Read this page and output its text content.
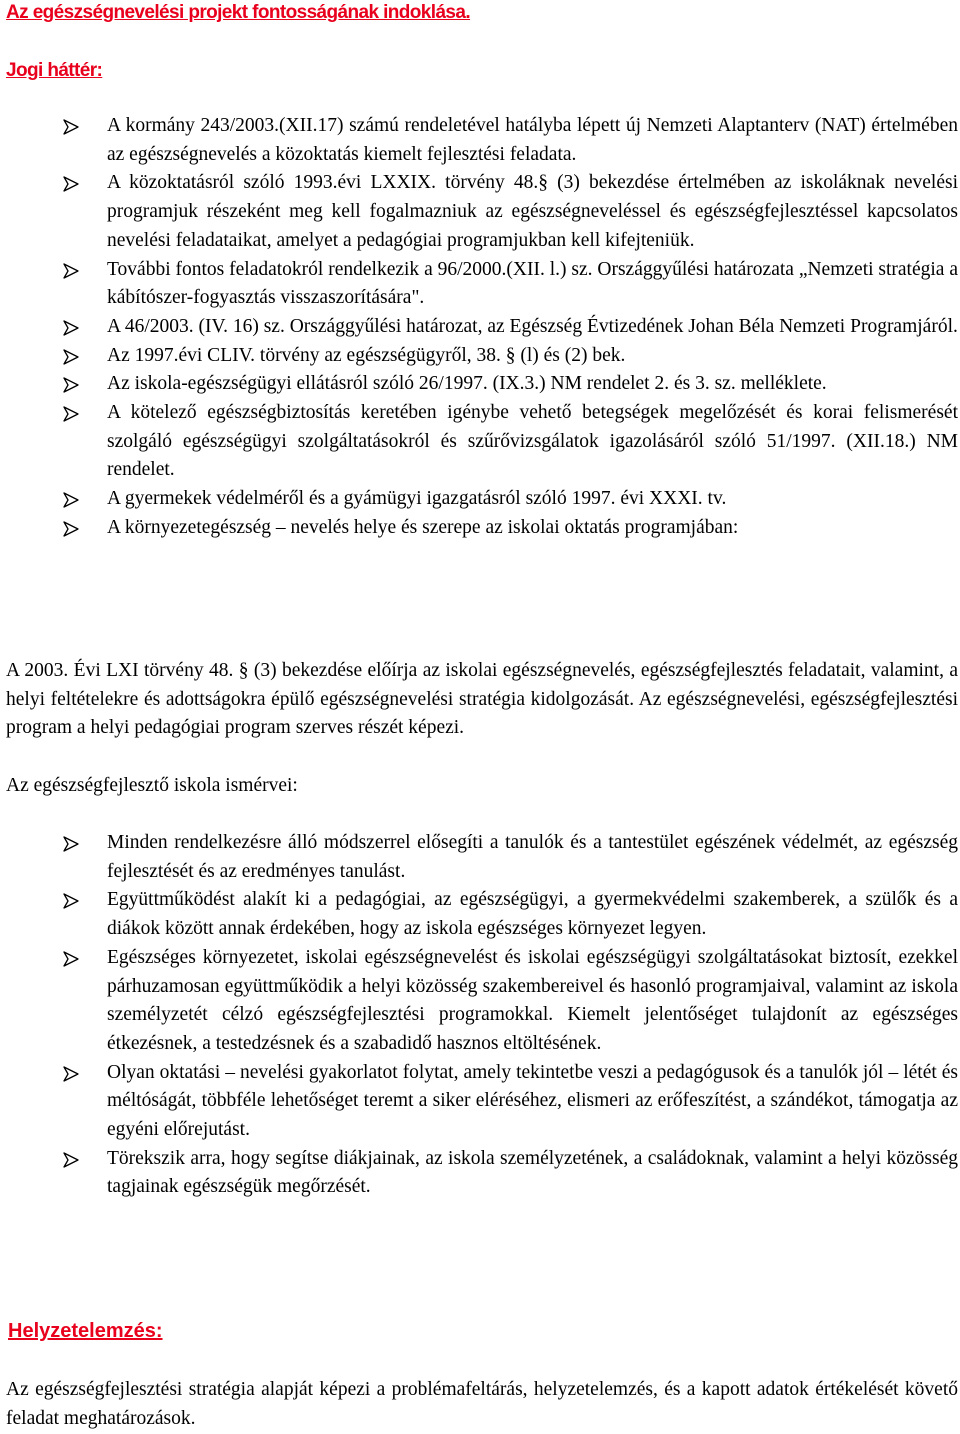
Az egészségnevelési projekt fontosságának indoklása.
Jogi háttér:
A kormány 243/2003.(XII.17) számú rendeletével hatályba lépett új Nemzeti Alaptanterv (NAT) értelmében az egészségnevelés a közoktatás kiemelt fejlesztési feladata.
A közoktatásról szóló 1993.évi LXXIX. törvény 48.§ (3) bekezdése értelmében az iskoláknak nevelési programjuk részeként meg kell fogalmazniuk az egészségneveléssel és egészségfejlesztéssel kapcsolatos nevelési feladataikat, amelyet a pedagógiai programjukban kell kifejteniük.
További fontos feladatokról rendelkezik a 96/2000.(XII. l.) sz. Országgyűlési határozata „Nemzeti stratégia a kábítószer-fogyasztás visszaszorítására".
A 46/2003. (IV. 16) sz. Országgyűlési határozat, az Egészség Évtizedének Johan Béla Nemzeti Programjáról.
Az 1997.évi CLIV. törvény az egészségügyről, 38. § (l) és (2) bek.
Az iskola-egészségügyi ellátásról szóló 26/1997. (IX.3.) NM rendelet 2. és 3. sz. melléklete.
A kötelező egészségbiztosítás keretében igénybe vehető betegségek megelőzését és korai felismerését szolgáló egészségügyi szolgáltatásokról és szűrővizsgálatok igazolásáról szóló 51/1997. (XII.18.) NM rendelet.
A gyermekek védelméről és a gyámügyi igazgatásról szóló 1997. évi XXXI. tv.
A környezetegészség – nevelés helye és szerepe az iskolai oktatás programjában:
A 2003. Évi LXI törvény 48. § (3) bekezdése előírja az iskolai egészségnevelés, egészségfejlesztés feladatait, valamint, a helyi feltételekre és adottságokra épülő egészségnevelési stratégia kidolgozását. Az egészségnevelési, egészségfejlesztési program a helyi pedagógiai program szerves részét képezi.
Az egészségfejlesztő iskola ismérvei:
Minden rendelkezésre álló módszerrel elősegíti a tanulók és a tantestület egészének védelmét, az egészség fejlesztését és az eredményes tanulást.
Együttműködést alakít ki a pedagógiai, az egészségügyi, a gyermekvédelmi szakemberek, a szülők és a diákok között annak érdekében, hogy az iskola egészséges környezet legyen.
Egészséges környezetet, iskolai egészségnevelést és iskolai egészségügyi szolgáltatásokat biztosít, ezekkel párhuzamosan együttműködik a helyi közösség szakembereivel és hasonló programjaival, valamint az iskola személyzetét célzó egészségfejlesztési programokkal. Kiemelt jelentőséget tulajdonít az egészséges étkezésnek, a testedzésnek és a szabadidő hasznos eltöltésének.
Olyan oktatási – nevelési gyakorlatot folytat, amely tekintetbe veszi a pedagógusok és a tanulók jól – létét és méltóságát, többféle lehetőséget teremt a siker eléréséhez, elismeri az erőfeszítést, a szándékot, támogatja az egyéni előrejutást.
Törekszik arra, hogy segítse diákjainak, az iskola személyzetének, a családoknak, valamint a helyi közösség tagjainak egészségük megőrzését.
Helyzetelemzés:
Az egészségfejlesztési stratégia alapját képezi a problémafeltárás, helyzetelemzés, és a kapott adatok értékelését követő feladat meghatározások.
